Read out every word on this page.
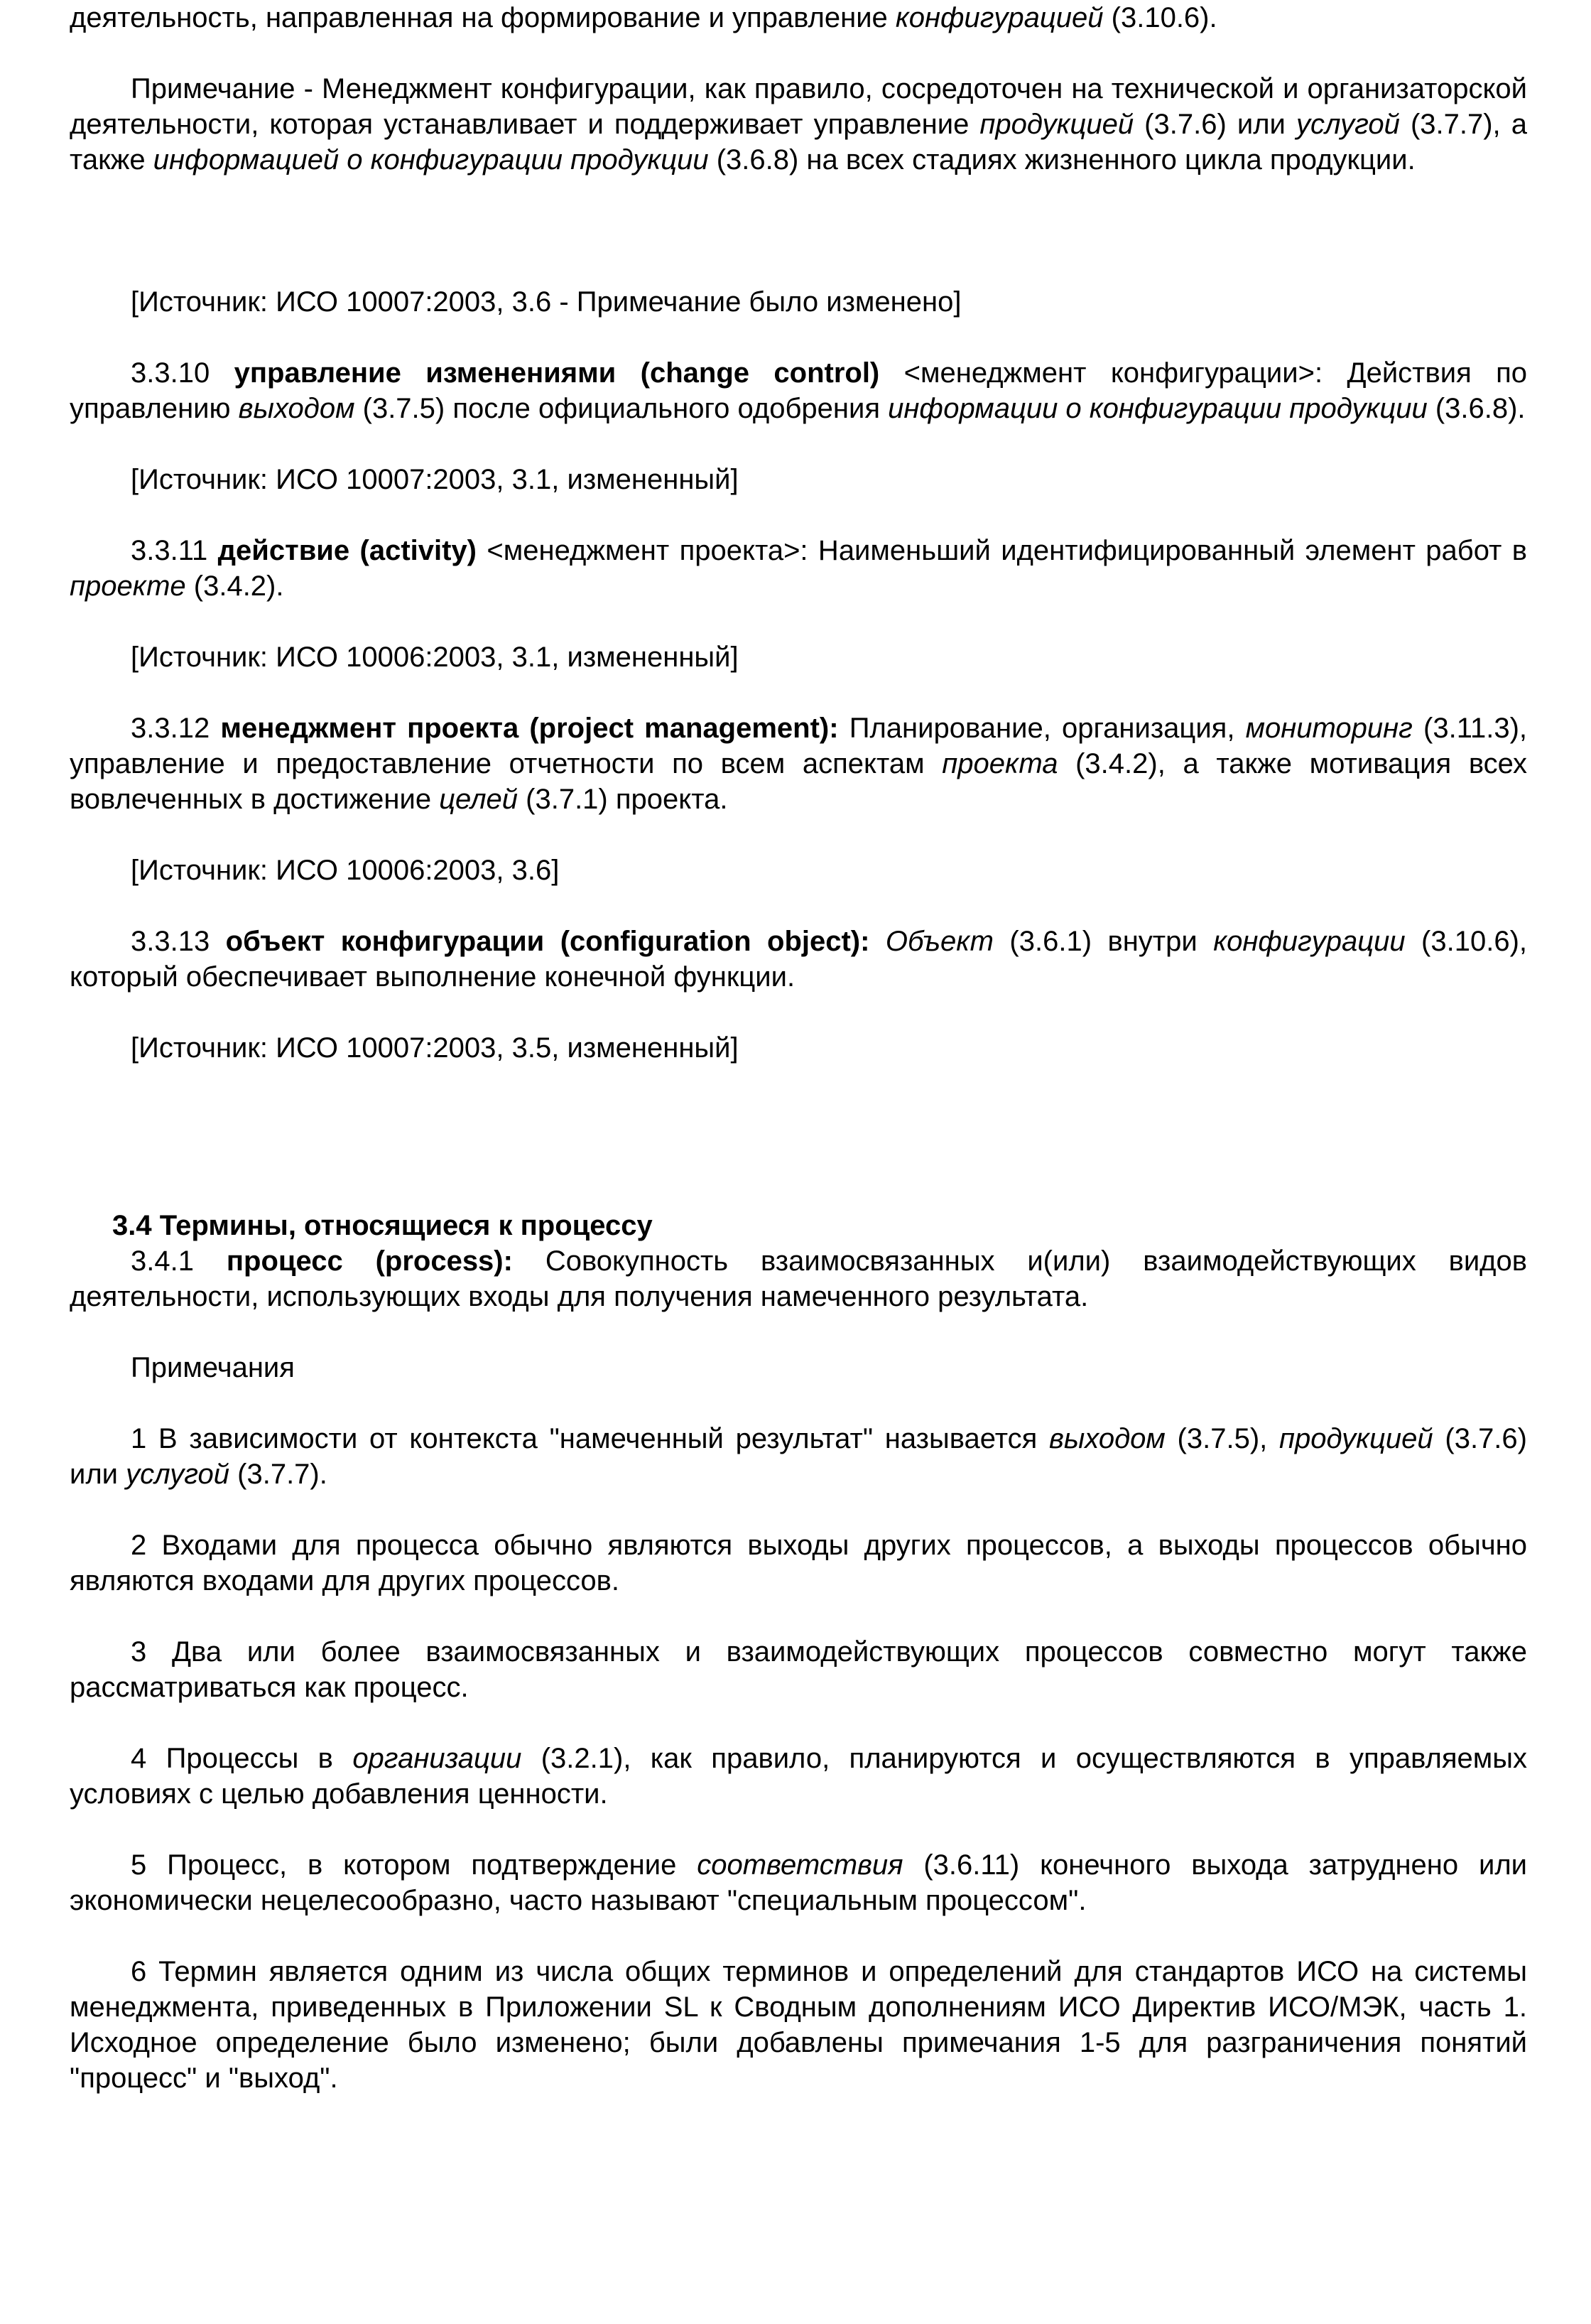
деятельность, направленная на формирование и управление конфигурацией (3.10.6).

Примечание - Менеджмент конфигурации, как правило, сосредоточен на технической и организаторской деятельности, которая устанавливает и поддерживает управление продукцией (3.7.6) или услугой (3.7.7), а также информацией о конфигурации продукции (3.6.8) на всех стадиях жизненного цикла продукции.

[Источник: ИСО 10007:2003, 3.6 - Примечание было изменено]

3.3.10 управление изменениями (change control) <менеджмент конфигурации>: Действия по управлению выходом (3.7.5) после официального одобрения информации о конфигурации продукции (3.6.8).

[Источник: ИСО 10007:2003, 3.1, измененный]

3.3.11 действие (activity) <менеджмент проекта>: Наименьший идентифицированный элемент работ в проекте (3.4.2).

[Источник: ИСО 10006:2003, 3.1, измененный]

3.3.12 менеджмент проекта (project management): Планирование, организация, мониторинг (3.11.3), управление и предоставление отчетности по всем аспектам проекта (3.4.2), а также мотивация всех вовлеченных в достижение целей (3.7.1) проекта.

[Источник: ИСО 10006:2003, 3.6]

3.3.13 объект конфигурации (configuration object): Объект (3.6.1) внутри конфигурации (3.10.6), который обеспечивает выполнение конечной функции.

[Источник: ИСО 10007:2003, 3.5, измененный]

3.4 Термины, относящиеся к процессу

3.4.1 процесс (process): Совокупность взаимосвязанных и(или) взаимодействующих видов деятельности, использующих входы для получения намеченного результата.

Примечания

1 В зависимости от контекста "намеченный результат" называется выходом (3.7.5), продукцией (3.7.6) или услугой (3.7.7).

2 Входами для процесса обычно являются выходы других процессов, а выходы процессов обычно являются входами для других процессов.

3 Два или более взаимосвязанных и взаимодействующих процессов совместно могут также рассматриваться как процесс.

4 Процессы в организации (3.2.1), как правило, планируются и осуществляются в управляемых условиях с целью добавления ценности.

5 Процесс, в котором подтверждение соответствия (3.6.11) конечного выхода затруднено или экономически нецелесообразно, часто называют "специальным процессом".

6 Термин является одним из числа общих терминов и определений для стандартов ИСО на системы менеджмента, приведенных в Приложении SL к Сводным дополнениям ИСО Директив ИСО/МЭК, часть 1. Исходное определение было изменено; были добавлены примечания 1-5 для разграничения понятий "процесс" и "выход".
